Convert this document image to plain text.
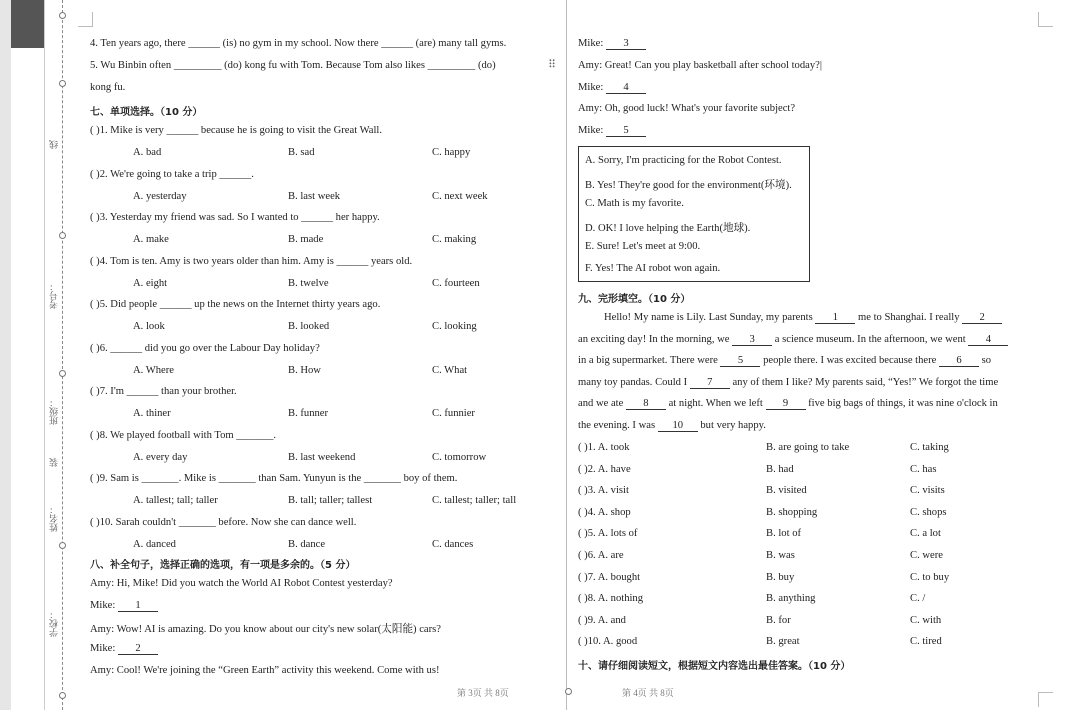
线
考号：
班级：
装
姓名：
学校：
⠿
4. Ten years ago, there ______ (is) no gym in my school. Now there ______ (are) many tall gyms.
5. Wu Binbin often _________ (do) kong fu with Tom. Because Tom also likes _________ (do)
kong fu.
七、单项选择。（10 分）
( )1. Mike is very ______ because he is going to visit the Great Wall.
A. bad	B. sad	C. happy
( )2. We're going to take a trip ______.
A. yesterday	B. last week	C. next week
( )3. Yesterday my friend was sad. So I wanted to ______ her happy.
A. make	B. made	C. making
( )4. Tom is ten. Amy is two years older than him. Amy is ______ years old.
A. eight	B. twelve	C. fourteen
( )5. Did people ______ up the news on the Internet thirty years ago.
A. look	B. looked	C. looking
( )6. ______ did you go over the Labour Day holiday?
A. Where	B. How	C. What
( )7. I'm ______ than your brother.
A. thiner	B. funner	C. funnier
( )8. We played football with Tom _______.
A. every day	B. last weekend	C. tomorrow
( )9. Sam is _______. Mike is _______ than Sam. Yunyun is the _______ boy of them.
A. tallest; tall; taller	B. tall; taller; tallest	C. tallest; taller; tall
( )10. Sarah couldn't _______ before. Now she can dance well.
A. danced	B. dance	C. dances
八、补全句子，选择正确的选项，有一项是多余的。（5 分）
Amy: Hi, Mike! Did you watch the World AI Robot Contest yesterday?
Mike: 1
Amy: Wow! AI is amazing. Do you know about our city's new solar(太阳能) cars?
Mike: 2
Amy: Cool! We're joining the “Green Earth” activity this weekend. Come with us!
第 3页 共 8页
Mike: 3
Amy: Great! Can you play basketball after school today?|
Mike: 4
Amy: Oh, good luck! What's your favorite subject?
Mike: 5
A. Sorry, I'm practicing for the Robot Contest.
B. Yes! They're good for the environment(环境).
C. Math is my favorite.
D. OK! I love helping the Earth(地球).
E. Sure! Let's meet at 9:00.
F. Yes! The AI robot won again.
九、完形填空。（10 分）
Hello! My name is Lily. Last Sunday, my parents 1 me to Shanghai. I really 2
an exciting day! In the morning, we 3 a science museum. In the afternoon, we went 4
in a big supermarket. There were 5 people there. I was excited because there 6 so
many toy pandas. Could I 7 any of them I like? My parents said, “Yes!” We forgot the time
and we ate 8 at night. When we left 9 five big bags of things, it was nine o'clock in
the evening. I was 10 but very happy.
( )1. A. took	B. are going to take	C. taking
( )2. A. have	B. had	C. has
( )3. A. visit	B. visited	C. visits
( )4. A. shop	B. shopping	C. shops
( )5. A. lots of	B. lot of	C. a lot
( )6. A. are	B. was	C. were
( )7. A. bought	B. buy	C. to buy
( )8. A. nothing	B. anything	C. /
( )9. A. and	B. for	C. with
( )10. A. good	B. great	C. tired
十、请仔细阅读短文，根据短文内容选出最佳答案。（10 分）
第 4页 共 8页
